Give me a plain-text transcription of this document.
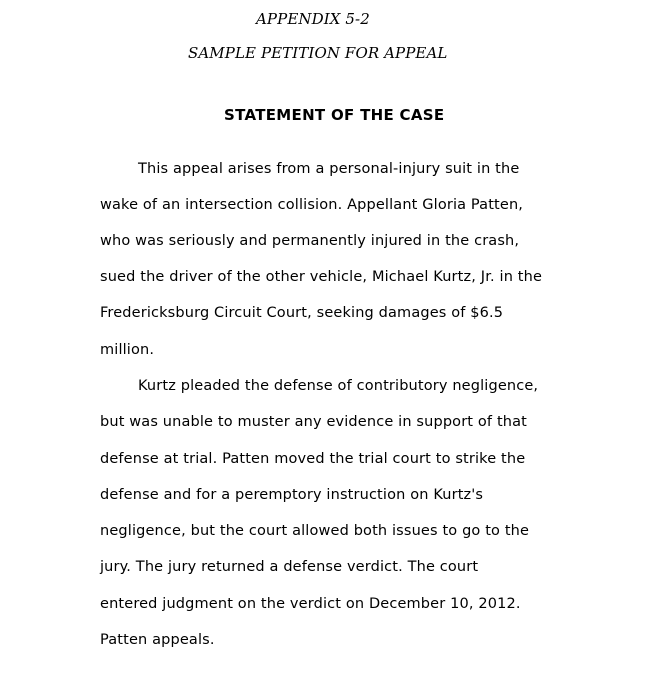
APPENDIX 5-2
SAMPLE PETITION FOR APPEAL
STATEMENT OF THE CASE
This appeal arises from a personal-injury suit in the
wake of an intersection collision. Appellant Gloria Patten,
who was seriously and permanently injured in the crash,
sued the driver of the other vehicle, Michael Kurtz, Jr. in the
Fredericksburg Circuit Court, seeking damages of $6.5
million.
Kurtz pleaded the defense of contributory negligence,
but was unable to muster any evidence in support of that
defense at trial. Patten moved the trial court to strike the
defense and for a peremptory instruction on Kurtz's
negligence, but the court allowed both issues to go to the
jury. The jury returned a defense verdict. The court
entered judgment on the verdict on December 10, 2012.
Patten appeals.
